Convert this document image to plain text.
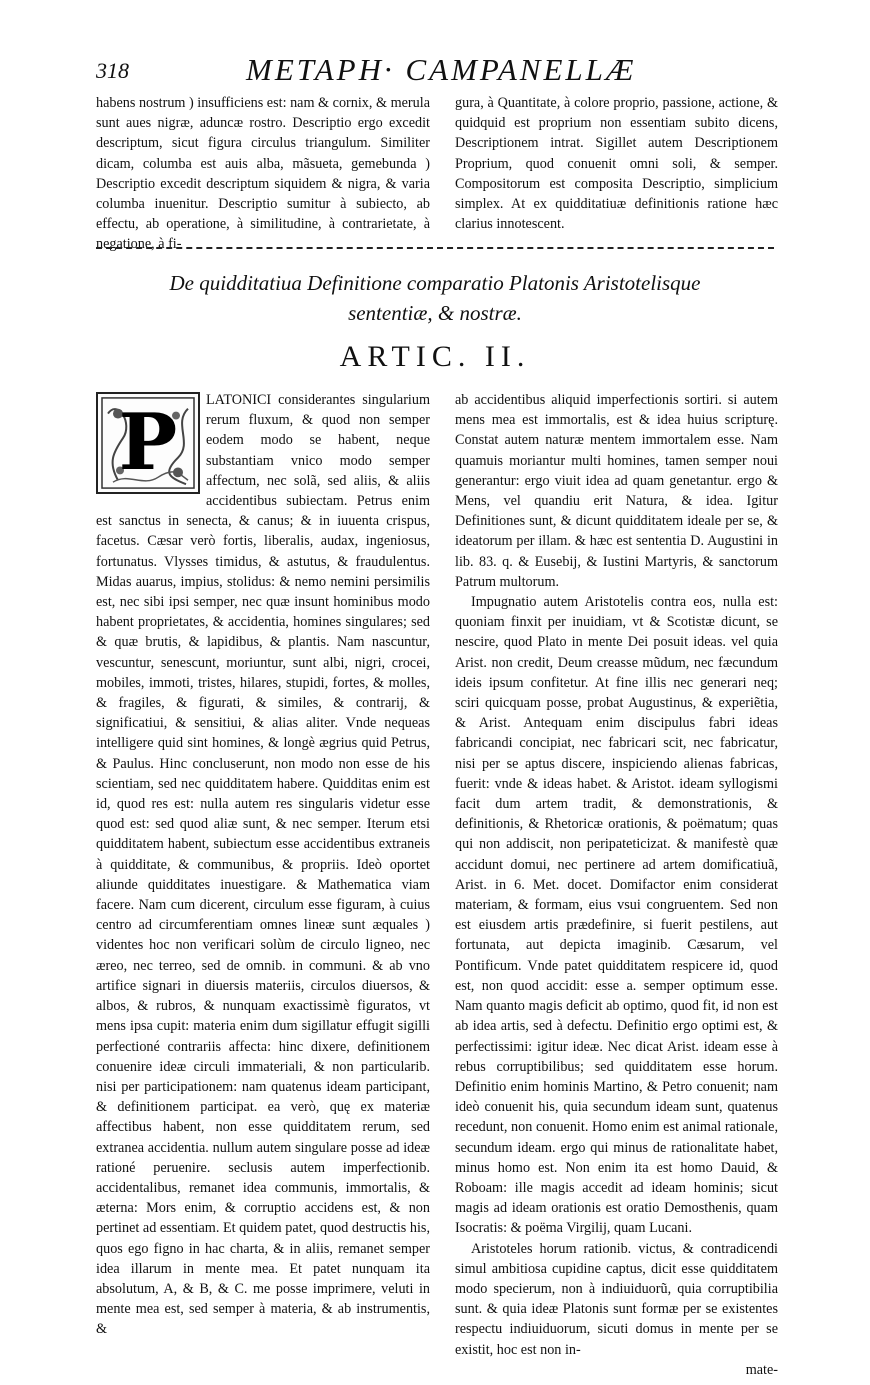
318	METAPH· CAMPANELLÆ

habens nostrum ) insufficiens est: nam & cornix, & merula sunt aues nigræ, aduncæ rostro. Descriptio ergo excedit descriptum, sicut figura circulus triangulum. Similiter dicam, columba est auis alba, mãsueta, gemebunda ) Descriptio excedit descriptum siquidem & nigra, & varia columba inuenitur. Descriptio sumitur à subiecto, ab effectu, ab operatione, à similitudine, à contrarietate, à negatione, à fi-

gura, à Quantitate, à colore proprio, passione, actione, & quidquid est proprium non essentiam subito dicens, Descriptionem intrat. Sigillet autem Descriptionem Proprium, quod conuenit omni soli, & semper. Compositorum est composita Descriptio, simplicium simplex. At ex quidditatiuæ definitionis ratione hæc clarius innotescent.

De quidditatiua Definitione comparatio Platonis Aristotelisque
sententiæ, & nostræ.
ARTIC. II.
P	LATONICI considerantes singularium rerum fluxum, & quod non semper eodem modo se habent, neque substantiam vnico modo semper affectum, nec solã, sed aliis, & aliis accidentibus subiectam. Petrus enim est sanctus in senecta, & canus; & in iuuenta crispus, facetus. Cæsar verò fortis, liberalis, audax, ingeniosus, fortunatus. Vlysses timidus, & astutus, & fraudulentus. Midas auarus, impius, stolidus: & nemo nemini persimilis est, nec sibi ipsi semper, nec quæ insunt hominibus modo habent proprietates, & accidentia, homines singulares; sed & quæ brutis, & lapidibus, & plantis. Nam nascuntur, vescuntur, senescunt, moriuntur, sunt albi, nigri, crocei, mobiles, immoti, tristes, hilares, stupidi, fortes, & molles, & fragiles, & figurati, & similes, & contrarij, & significatiui, & sensitiui, & alias aliter. Vnde nequeas intelligere quid sint homines, & longè ægrius quid Petrus, & Paulus. Hinc concluserunt, non modo non esse de his scientiam, sed nec quidditatem habere. Quidditas enim est id, quod res est: nulla autem res singularis videtur esse quod est: sed quod aliæ sunt, & nec semper. Iterum etsi quidditatem habent, subiectum esse accidentibus extraneis à quidditate, & communibus, & propriis. Ideò oportet aliunde quidditates inuestigare. & Mathematica viam facere. Nam cum dicerent, circulum esse figuram, à cuius centro ad circumferentiam omnes lineæ sunt æquales ) videntes hoc non verificari solùm de circulo ligneo, nec æreo, nec terreo, sed de omnib. in communi. & ab vno artifice signari in diuersis materiis, circulos diuersos, & albos, & rubros, & nunquam exactissimè figuratos, vt mens ipsa cupit: materia enim dum sigillatur effugit sigilli perfectioné contrariis affecta: hinc dixere, definitionem conuenire ideæ circuli immateriali, & non particularib. nisi per participationem: nam quatenus ideam participant, & definitionem participat. ea verò, quę ex materiæ affectibus habent, non esse quidditatem rerum, sed extranea accidentia. nullum autem singulare posse ad ideæ rationé peruenire. seclusis autem imperfectionib. accidentalibus, remanet idea communis, immortalis, & æterna: Mors enim, & corruptio accidens est, & non pertinet ad essentiam. Et quidem patet, quod destructis his, quos ego figno in hac charta, & in aliis, remanet semper idea illarum in mente mea. Et patet nunquam ita absolutum, A, & B, & C. me posse imprimere, veluti in mente mea est, sed semper à materia, & ab instrumentis, &

ab accidentibus aliquid imperfectionis sortiri. si autem mens mea est immortalis, est & idea huius scripturę. Constat autem naturæ mentem immortalem esse. Nam quamuis moriantur multi homines, tamen semper noui generantur: ergo viuit idea ad quam genetantur. ergo & Mens, vel quandiu erit Natura, & idea. Igitur Definitiones sunt, & dicunt quidditatem ideale per se, & ideatorum per illam. & hæc est sententia D. Augustini in lib. 83. q. & Eusebij, & Iustini Martyris, & sanctorum Patrum multorum.

Impugnatio autem Aristotelis contra eos, nulla est: quoniam finxit per inuidiam, vt & Scotistæ dicunt, se nescire, quod Plato in mente Dei posuit ideas. vel quia Arist. non credit, Deum creasse mũdum, nec fæcundum ideis ipsum confitetur. At fine illis nec generari neq; sciri quicquam posse, probat Augustinus, & experiẽtia, & Arist. Antequam enim discipulus fabri ideas fabricandi concipiat, nec fabricari scit, nec fabricatur, nisi per se aptus discere, inspiciendo alienas fabricas, fuerit: vnde & ideas habet. & Aristot. ideam syllogismi facit dum artem tradit, & demonstrationis, & definitionis, & Rhetoricæ orationis, & poëmatum; quas qui non addiscit, non peripateticizat. & manifestè quæ accidunt domui, nec pertinere ad artem domificatiuã, Arist. in 6. Met. docet. Domifactor enim considerat materiam, & formam, eius vsui congruentem. Sed non est eiusdem artis prædefinire, si fuerit pestilens, aut fortunata, aut depicta imaginib. Cæsarum, vel Pontificum. Vnde patet quidditatem respicere id, quod est, non quod accidit: esse a. semper optimum esse. Nam quanto magis deficit ab optimo, quod fit, id non est ab idea artis, sed à defectu. Definitio ergo optimi est, & perfectissimi: igitur ideæ. Nec dicat Arist. ideam esse à rebus corruptibilibus; sed quidditatem esse horum. Definitio enim hominis Martino, & Petro conuenit; nam ideò conuenit his, quia secundum ideam sunt, quatenus recedunt, non conuenit. Homo enim est animal rationale, secundum ideam. ergo qui minus de rationalitate habet, minus homo est. Non enim ita est homo Dauid, & Roboam: ille magis accedit ad ideam hominis; sicut magis ad ideam orationis est oratio Demosthenis, quam Isocratis: & poëma Virgilij, quam Lucani.

Aristoteles horum rationib. victus, & contradicendi simul ambitiosa cupidine captus, dicit esse quidditatem modo specierum, non à indiuiduorũ, quia corruptibilia sunt. & quia ideæ Platonis sunt formæ per se existentes respectu indiuiduorum, sicuti domus in mente per se existit, hoc est non in-

mate-
